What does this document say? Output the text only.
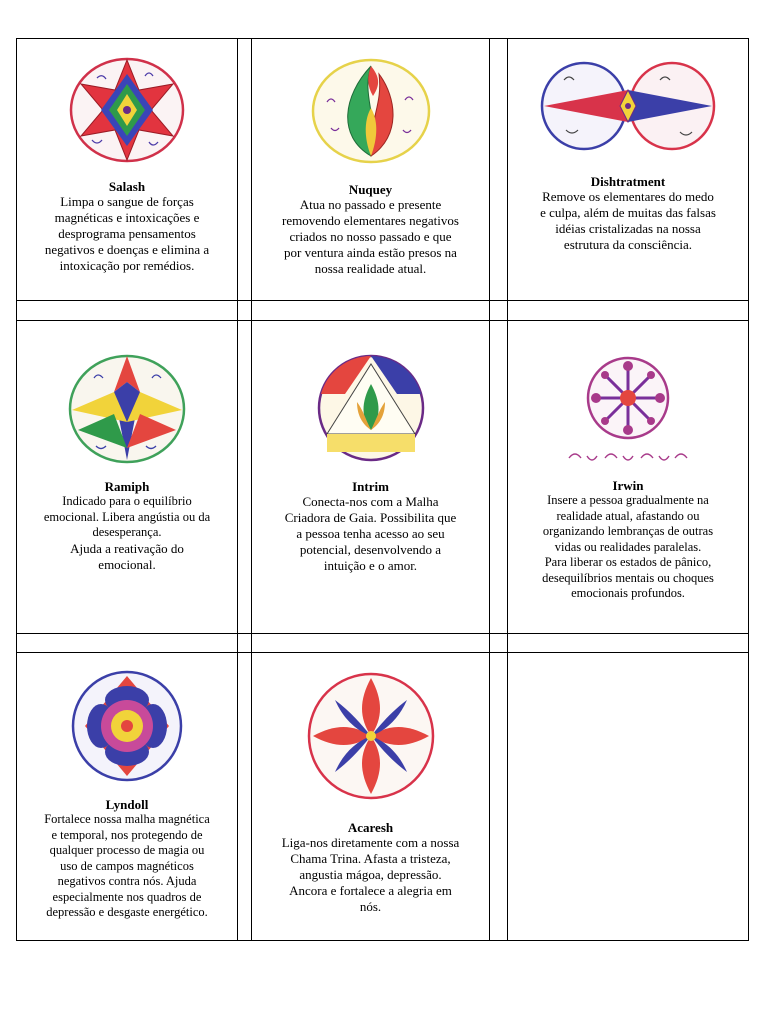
Salash
Limpa o sangue de forças
magnéticas e intoxicações e
desprograma pensamentos
negativos e doenças e elimina a
intoxicação por remédios.
Nuquey
Atua no passado e presente
removendo elementares negativos
criados no nosso passado e que
por ventura ainda estão presos na
nossa realidade atual.
Dishtratment
Remove os elementares do medo
e culpa, além de muitas das falsas
idéias cristalizadas na nossa
estrutura da consciência.
Ramiph
Indicado para o equilíbrio
emocional. Libera angústia ou da
desesperança.
Ajuda a reativação do
emocional.
Intrim
Conecta-nos com a Malha
Criadora de Gaia. Possibilita que
a pessoa tenha acesso ao seu
potencial, desenvolvendo a
intuição e o amor.
Irwin
Insere a pessoa gradualmente na
realidade atual, afastando ou
organizando lembranças de outras
vidas ou realidades paralelas.
Para liberar os estados de pânico,
desequilíbrios mentais ou choques
emocionais profundos.
Lyndoll
Fortalece nossa malha magnética
e temporal, nos protegendo de
qualquer processo de magia ou
uso de campos magnéticos
negativos contra nós. Ajuda
especialmente nos quadros de
depressão e desgaste energético.
Acaresh
Liga-nos diretamente com a nossa
Chama Trina. Afasta a tristeza,
angustia mágoa, depressão.
Ancora e fortalece a alegria em
nós.
